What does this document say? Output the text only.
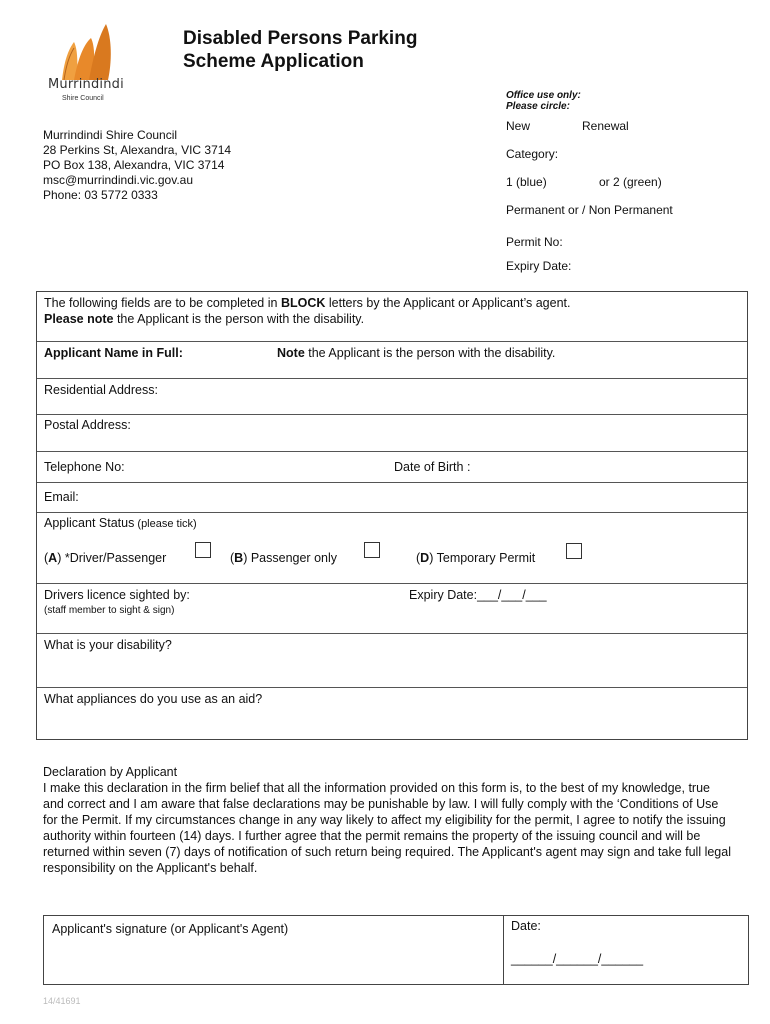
Murrindindi
Shire Council
Disabled Persons Parking
Scheme Application
Murrindindi Shire Council
28 Perkins St, Alexandra, VIC 3714
PO Box 138, Alexandra, VIC 3714
msc@murrindindi.vic.gov.au
Phone: 03 5772 0333
Office use only:
Please circle:
New	Renewal
Category:
1 (blue)	or 2 (green)
Permanent or / Non Permanent
Permit No:
Expiry Date:
The following fields are to be completed in BLOCK letters by the Applicant or Applicant’s agent.
Please note the Applicant is the person with the disability.
Applicant Name in Full:	Note the Applicant is the person with the disability.
Residential Address:
Postal Address:
Telephone No:	Date of Birth :
Email:
Applicant Status (please tick)
(A) *Driver/Passenger	(B) Passenger only	(D) Temporary Permit
Drivers licence sighted by:
(staff member to sight & sign)
Expiry Date:___/___/___
What is your disability?
What appliances do you use as an aid?
Declaration by Applicant
I make this declaration in the firm belief that all the information provided on this form is, to the best of my knowledge, true and correct and I am aware that false declarations may be punishable by law. I will fully comply with the ‘Conditions of Use for the Permit. If my circumstances change in any way likely to affect my eligibility for the permit, I agree to notify the issuing authority within fourteen (14) days. I further agree that the permit remains the property of the issuing council and will be returned within seven (7) days of notification of such return being required. The Applicant's agent may sign and take full legal responsibility on the Applicant's behalf.
Applicant's signature (or Applicant's Agent)	Date:
______/______/______
14/41691
